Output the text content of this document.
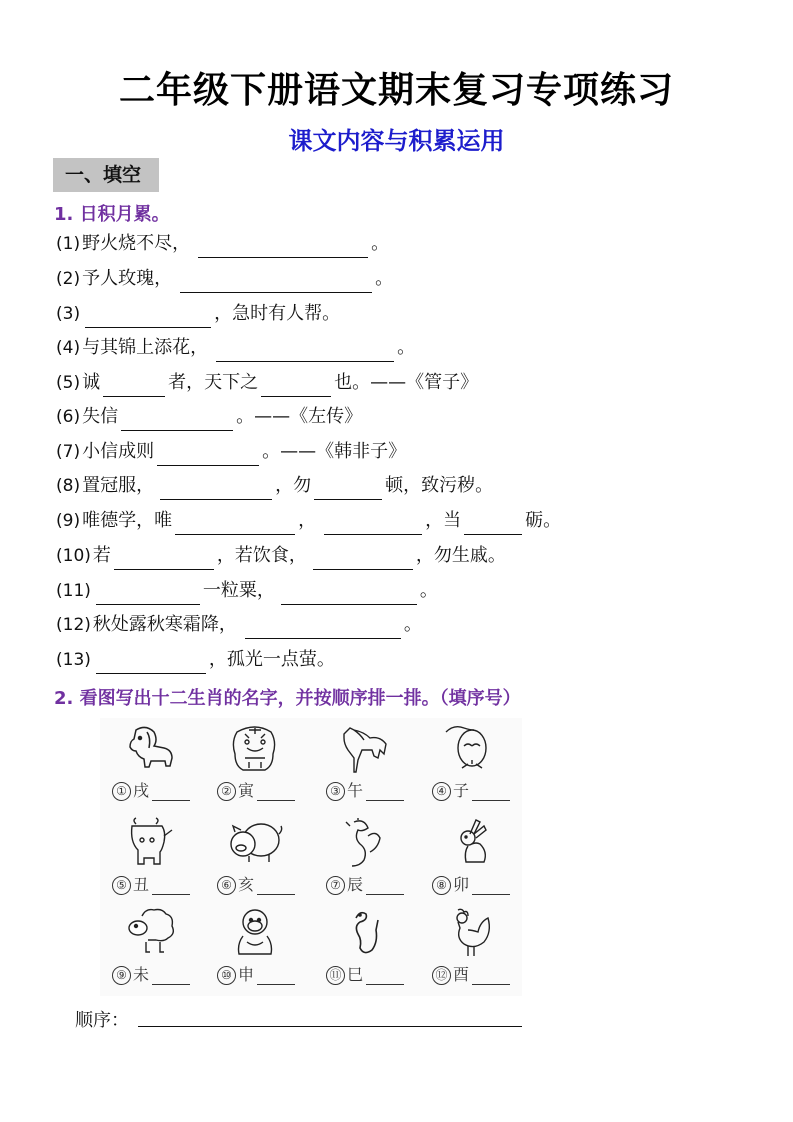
二年级下册语文期末复习专项练习
课文内容与积累运用
一、填空
1. 日积月累。
(1) 野火烧不尽，	。
(2) 予人玫瑰，	。
(3)	，急时有人帮。
(4) 与其锦上添花，	。
(5) 诚	者，天下之	也。——《管子》
(6) 失信	。——《左传》
(7) 小信成则	。——《韩非子》
(8) 置冠服，	，勿	顿，致污秽。
(9) 唯德学，唯	，	，当	砺。
(10) 若	，若饮食，	，勿生戚。
(11)	一粒粟，	。
(12) 秋处露秋寒霜降，	。
(13)	，孤光一点萤。
2. 看图写出十二生肖的名字，并按顺序排一排。（填序号）
① 戌	② 寅	③ 午	④ 子
⑤ 丑	⑥ 亥	⑦ 辰	⑧ 卯
⑨ 未	⑩ 申	⑪ 巳	⑫ 酉
顺序：
